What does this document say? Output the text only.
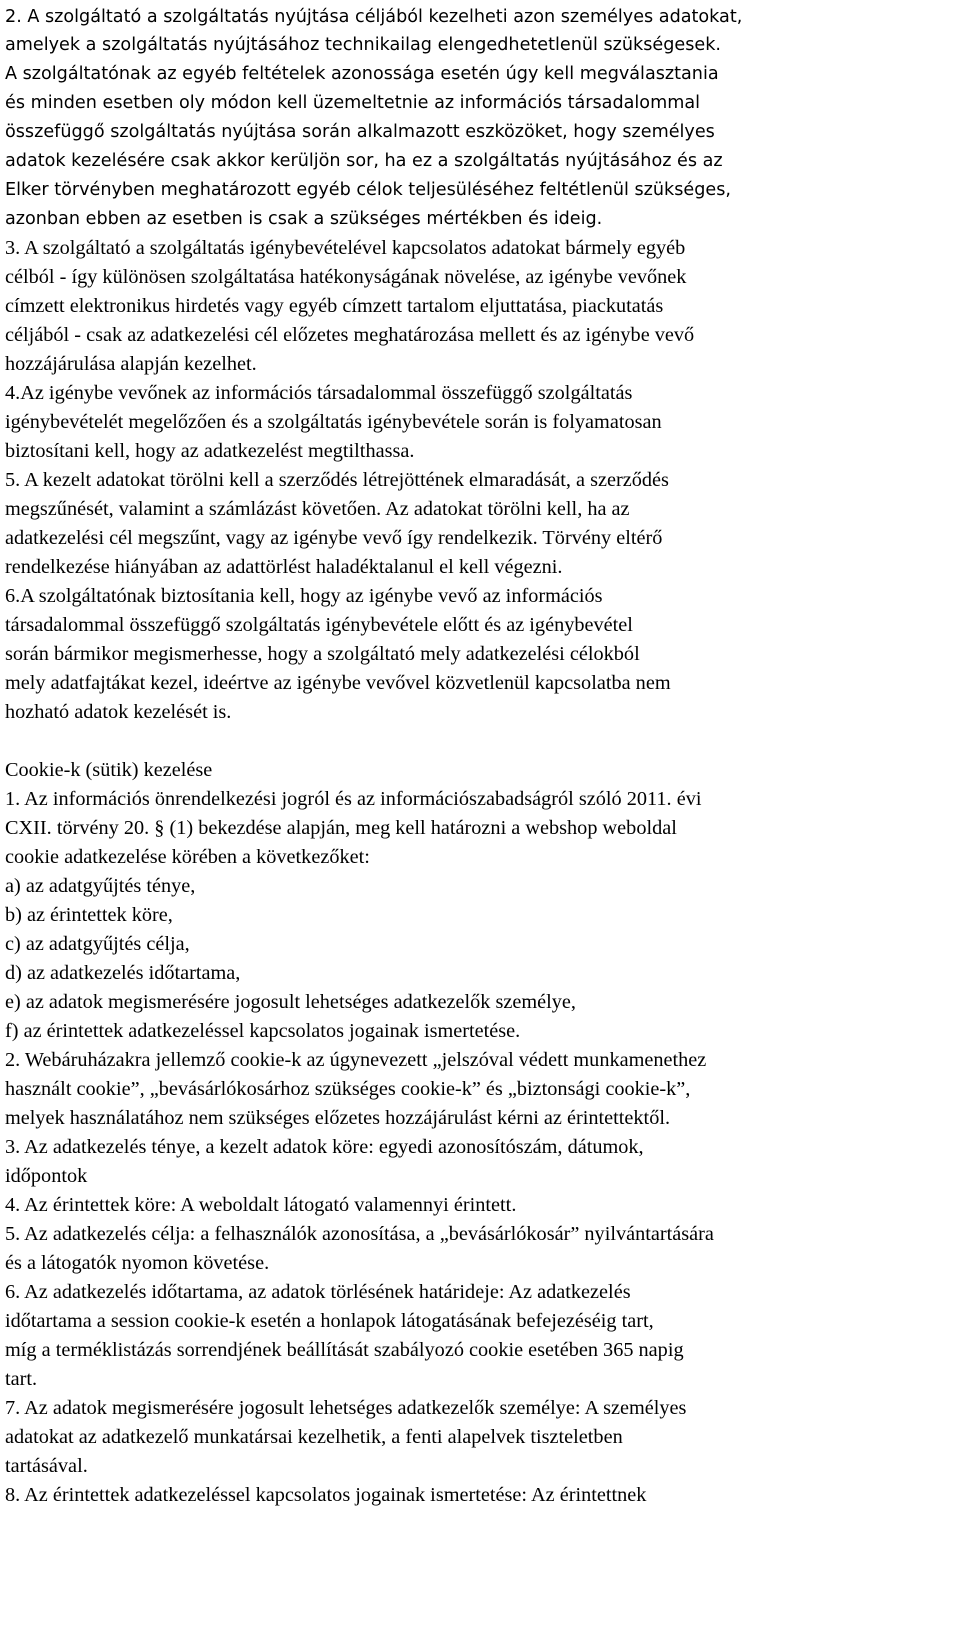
2. A szolgáltató a szolgáltatás nyújtása céljából kezelheti azon személyes adatokat,
amelyek a szolgáltatás nyújtásához technikailag elengedhetetlenül szükségesek.
A szolgáltatónak az egyéb feltételek azonossága esetén úgy kell megválasztania
és minden esetben oly módon kell üzemeltetnie az információs társadalommal
összefüggő szolgáltatás nyújtása során alkalmazott eszközöket, hogy személyes
adatok kezelésére csak akkor kerüljön sor, ha ez a szolgáltatás nyújtásához és az
Elker törvényben meghatározott egyéb célok teljesüléséhez feltétlenül szükséges,
azonban ebben az esetben is csak a szükséges mértékben és ideig.
3. A szolgáltató a szolgáltatás igénybevételével kapcsolatos adatokat bármely egyéb
célból - így különösen szolgáltatása hatékonyságának növelése, az igénybe vevőnek
címzett elektronikus hirdetés vagy egyéb címzett tartalom eljuttatása, piackutatás
céljából - csak az adatkezelési cél előzetes meghatározása mellett és az igénybe vevő
hozzájárulása alapján kezelhet.
4.Az igénybe vevőnek az információs társadalommal összefüggő szolgáltatás
igénybevételét megelőzően és a szolgáltatás igénybevétele során is folyamatosan
biztosítani kell, hogy az adatkezelést megtilthassa.
5. A kezelt adatokat törölni kell a szerződés létrejöttének elmaradását, a szerződés
megszűnését, valamint a számlázást követően. Az adatokat törölni kell, ha az
adatkezelési cél megszűnt, vagy az igénybe vevő így rendelkezik. Törvény eltérő
rendelkezése hiányában az adattörlést haladéktalanul el kell végezni.
6.A szolgáltatónak biztosítania kell, hogy az igénybe vevő az információs
társadalommal összefüggő szolgáltatás igénybevétele előtt és az igénybevétel
során bármikor megismerhesse, hogy a szolgáltató mely adatkezelési célokból
mely adatfajtákat kezel, ideértve az igénybe vevővel közvetlenül kapcsolatba nem
hozható adatok kezelését is.
Cookie-k (sütik) kezelése
1. Az információs önrendelkezési jogról és az információszabadságról szóló 2011. évi
CXII. törvény 20. § (1) bekezdése alapján, meg kell határozni a webshop weboldal
cookie adatkezelése körében a következőket:
a) az adatgyűjtés ténye,
b) az érintettek köre,
c) az adatgyűjtés célja,
d) az adatkezelés időtartama,
e) az adatok megismerésére jogosult lehetséges adatkezelők személye,
f) az érintettek adatkezeléssel kapcsolatos jogainak ismertetése.
2. Webáruházakra jellemző cookie-k az úgynevezett „jelszóval védett munkamenethez
használt cookie”, „bevásárlókosárhoz szükséges cookie-k” és „biztonsági cookie-k”,
melyek használatához nem szükséges előzetes hozzájárulást kérni az érintettektől.
3. Az adatkezelés ténye, a kezelt adatok köre: egyedi azonosítószám, dátumok,
időpontok
4. Az érintettek köre: A weboldalt látogató valamennyi érintett.
5. Az adatkezelés célja: a felhasználók azonosítása, a „bevásárlókosár” nyilvántartására
és a látogatók nyomon követése.
6. Az adatkezelés időtartama, az adatok törlésének határideje: Az adatkezelés
időtartama a session cookie-k esetén a honlapok látogatásának befejezéséig tart,
míg a terméklistázás sorrendjének beállítását szabályozó cookie esetében 365 napig
tart.
7. Az adatok megismerésére jogosult lehetséges adatkezelők személye: A személyes
adatokat az adatkezelő munkatársai kezelhetik, a fenti alapelvek tiszteletben
tartásával.
8. Az érintettek adatkezeléssel kapcsolatos jogainak ismertetése: Az érintettnek
